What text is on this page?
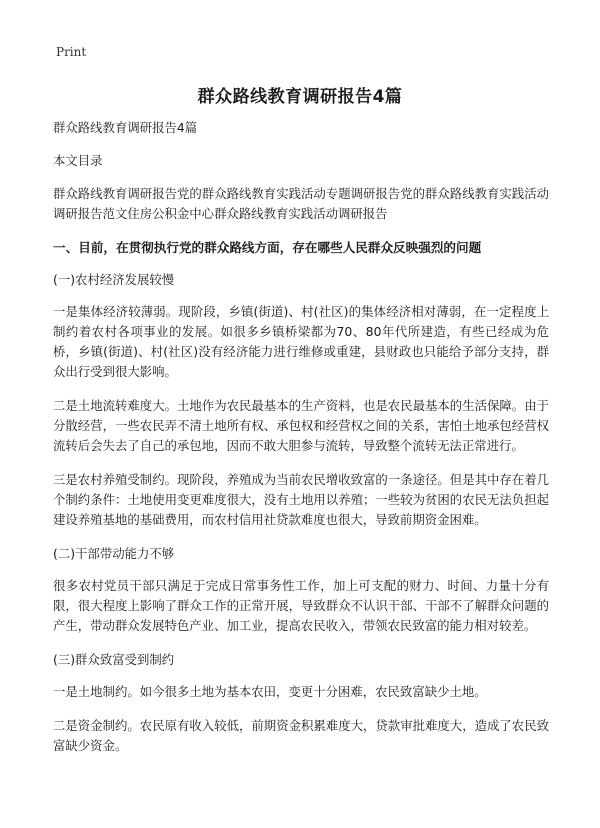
Print
群众路线教育调研报告4篇

群众路线教育调研报告4篇

本文目录

群众路线教育调研报告党的群众路线教育实践活动专题调研报告党的群众路线教育实践活动调研报告范文住房公积金中心群众路线教育实践活动调研报告

一、目前，在贯彻执行党的群众路线方面，存在哪些人民群众反映强烈的问题

(一)农村经济发展较慢

一是集体经济较薄弱。现阶段，乡镇(街道)、村(社区)的集体经济相对薄弱，在一定程度上制约着农村各项事业的发展。如很多乡镇桥梁都为70、80年代所建造，有些已经成为危桥，乡镇(街道)、村(社区)没有经济能力进行维修或重建，县财政也只能给予部分支持，群众出行受到很大影响。

二是土地流转难度大。土地作为农民最基本的生产资料，也是农民最基本的生活保障。由于分散经营，一些农民弄不清土地所有权、承包权和经营权之间的关系，害怕土地承包经营权流转后会失去了自己的承包地，因而不敢大胆参与流转，导致整个流转无法正常进行。

三是农村养殖受制约。现阶段，养殖成为当前农民增收致富的一条途径。但是其中存在着几个制约条件：土地使用变更难度很大，没有土地用以养殖；一些较为贫困的农民无法负担起建设养殖基地的基础费用，而农村信用社贷款难度也很大，导致前期资金困难。

(二)干部带动能力不够

很多农村党员干部只满足于完成日常事务性工作，加上可支配的财力、时间、力量十分有限，很大程度上影响了群众工作的正常开展，导致群众不认识干部、干部不了解群众问题的产生，带动群众发展特色产业、加工业，提高农民收入，带领农民致富的能力相对较差。

(三)群众致富受到制约

一是土地制约。如今很多土地为基本农田，变更十分困难，农民致富缺少土地。

二是资金制约。农民原有收入较低，前期资金积累难度大，贷款审批难度大，造成了农民致富缺少资金。
